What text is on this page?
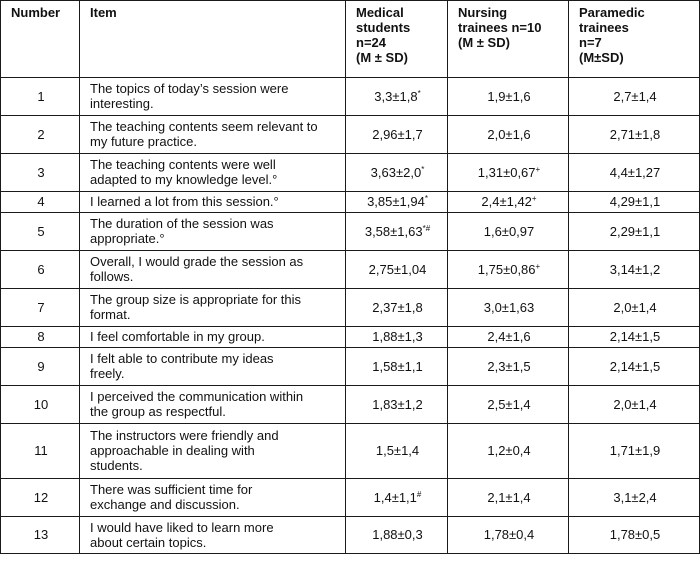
Number	Item	Medical
students
n=24
(M ± SD)	Nursing
trainees n=10
(M ± SD)	Paramedic
trainees
n=7
(M±SD)
1	The topics of today’s session were
interesting.	3,3±1,8*	1,9±1,6	2,7±1,4
2	The teaching contents seem relevant to
my future practice.	2,96±1,7	2,0±1,6	2,71±1,8
3	The teaching contents were well
adapted to my knowledge level.°	3,63±2,0*	1,31±0,67+	4,4±1,27
4	I learned a lot from this session.°	3,85±1,94*	2,4±1,42+	4,29±1,1
5	The duration of the session was
appropriate.°	3,58±1,63*#	1,6±0,97	2,29±1,1
6	Overall, I would grade the session as
follows.	2,75±1,04	1,75±0,86+	3,14±1,2
7	The group size is appropriate for this
format.	2,37±1,8	3,0±1,63	2,0±1,4
8	I feel comfortable in my group.	1,88±1,3	2,4±1,6	2,14±1,5
9	I felt able to contribute my ideas
freely.	1,58±1,1	2,3±1,5	2,14±1,5
10	I perceived the communication within
the group as respectful.	1,83±1,2	2,5±1,4	2,0±1,4
11	The instructors were friendly and
approachable in dealing with
students.	1,5±1,4	1,2±0,4	1,71±1,9
12	There was sufficient time for
exchange and discussion.	1,4±1,1#	2,1±1,4	3,1±2,4
13	I would have liked to learn more
about certain topics.	1,88±0,3	1,78±0,4	1,78±0,5
